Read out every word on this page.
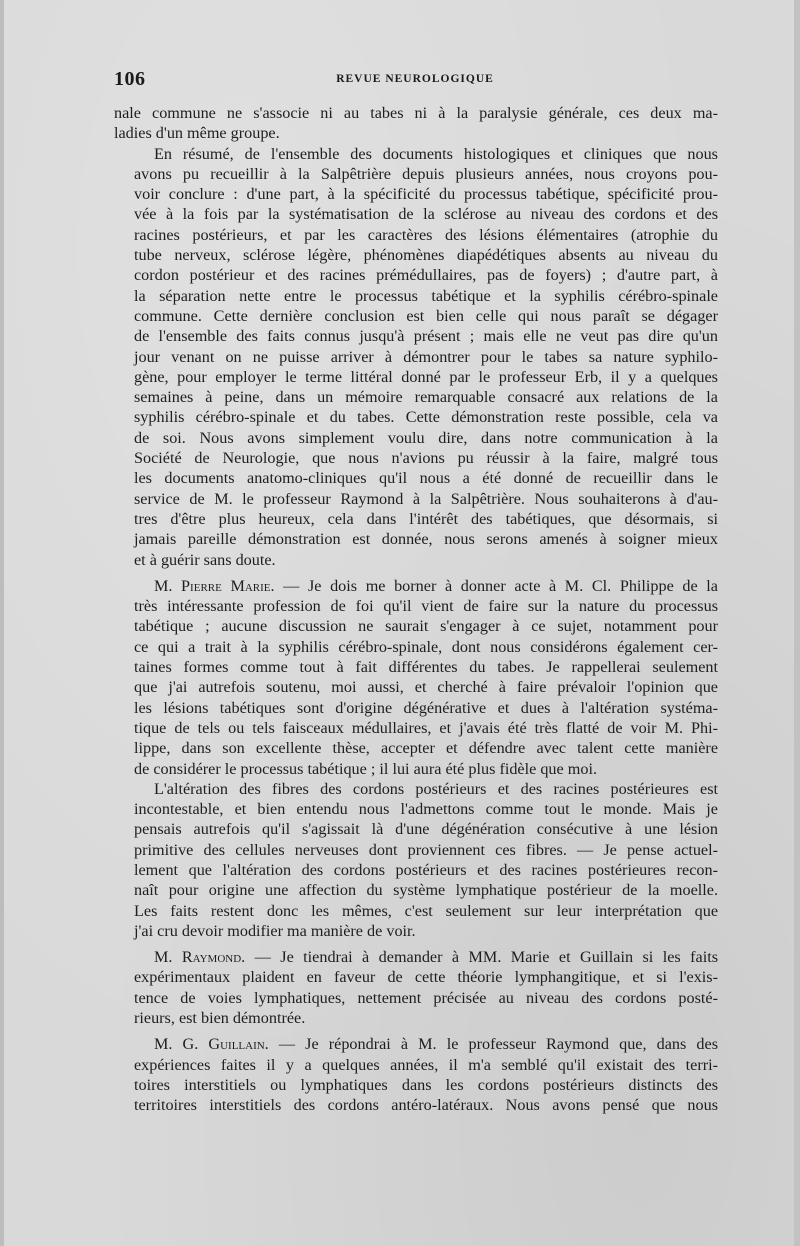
106	REVUE NEUROLOGIQUE
nale commune ne s'associe ni au tabes ni à la paralysie générale, ces deux ma-
ladies d'un même groupe.
En résumé, de l'ensemble des documents histologiques et cliniques que nous
avons pu recueillir à la Salpêtrière depuis plusieurs années, nous croyons pou-
voir conclure : d'une part, à la spécificité du processus tabétique, spécificité prou-
vée à la fois par la systématisation de la sclérose au niveau des cordons et des
racines postérieurs, et par les caractères des lésions élémentaires (atrophie du
tube nerveux, sclérose légère, phénomènes diapédétiques absents au niveau du
cordon postérieur et des racines prémédullaires, pas de foyers) ; d'autre part, à
la séparation nette entre le processus tabétique et la syphilis cérébro-spinale
commune. Cette dernière conclusion est bien celle qui nous paraît se dégager
de l'ensemble des faits connus jusqu'à présent ; mais elle ne veut pas dire qu'un
jour venant on ne puisse arriver à démontrer pour le tabes sa nature syphilo-
gène, pour employer le terme littéral donné par le professeur Erb, il y a quelques
semaines à peine, dans un mémoire remarquable consacré aux relations de la
syphilis cérébro-spinale et du tabes. Cette démonstration reste possible, cela va
de soi. Nous avons simplement voulu dire, dans notre communication à la
Société de Neurologie, que nous n'avions pu réussir à la faire, malgré tous
les documents anatomo-cliniques qu'il nous a été donné de recueillir dans le
service de M. le professeur Raymond à la Salpêtrière. Nous souhaiterons à d'au-
tres d'être plus heureux, cela dans l'intérêt des tabétiques, que désormais, si
jamais pareille démonstration est donnée, nous serons amenés à soigner mieux
et à guérir sans doute.
M. Pierre Marie. — Je dois me borner à donner acte à M. Cl. Philippe de la
très intéressante profession de foi qu'il vient de faire sur la nature du processus
tabétique ; aucune discussion ne saurait s'engager à ce sujet, notamment pour
ce qui a trait à la syphilis cérébro-spinale, dont nous considérons également cer-
taines formes comme tout à fait différentes du tabes. Je rappellerai seulement
que j'ai autrefois soutenu, moi aussi, et cherché à faire prévaloir l'opinion que
les lésions tabétiques sont d'origine dégénérative et dues à l'altération systéma-
tique de tels ou tels faisceaux médullaires, et j'avais été très flatté de voir M. Phi-
lippe, dans son excellente thèse, accepter et défendre avec talent cette manière
de considérer le processus tabétique ; il lui aura été plus fidèle que moi.
L'altération des fibres des cordons postérieurs et des racines postérieures est
incontestable, et bien entendu nous l'admettons comme tout le monde. Mais je
pensais autrefois qu'il s'agissait là d'une dégénération consécutive à une lésion
primitive des cellules nerveuses dont proviennent ces fibres. — Je pense actuel-
lement que l'altération des cordons postérieurs et des racines postérieures recon-
naît pour origine une affection du système lymphatique postérieur de la moelle.
Les faits restent donc les mêmes, c'est seulement sur leur interprétation que
j'ai cru devoir modifier ma manière de voir.
M. Raymond. — Je tiendrai à demander à MM. Marie et Guillain si les faits
expérimentaux plaident en faveur de cette théorie lymphangitique, et si l'exis-
tence de voies lymphatiques, nettement précisée au niveau des cordons posté-
rieurs, est bien démontrée.
M. G. Guillain. — Je répondrai à M. le professeur Raymond que, dans des
expériences faites il y a quelques années, il m'a semblé qu'il existait des terri-
toires interstitiels ou lymphatiques dans les cordons postérieurs distincts des
territoires interstitiels des cordons antéro-latéraux. Nous avons pensé que nous
